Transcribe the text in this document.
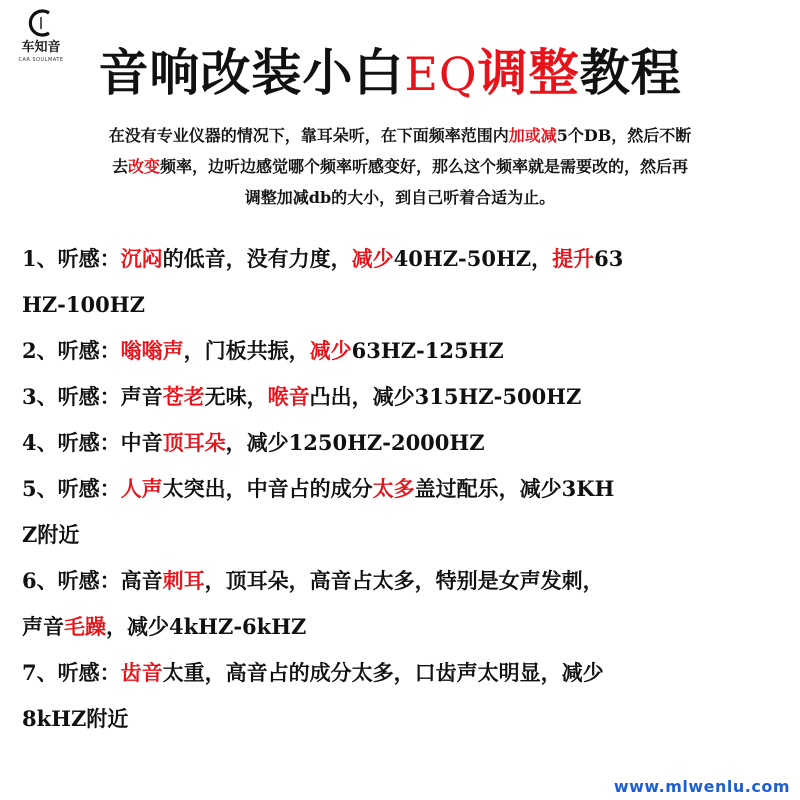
车知音
CAR SOULMATE 音响改装小白EQ调整教程
在没有专业仪器的情况下，靠耳朵听，在下面频率范围内加或减5个DB，然后不断
去改变频率，边听边感觉哪个频率听感变好，那么这个频率就是需要改的，然后再
调整加减db的大小，到自己听着合适为止。
1、听感：沉闷的低音，没有力度，减少40HZ-50HZ，提升63
HZ-100HZ
2、听感：嗡嗡声，门板共振，减少63HZ-125HZ
3、听感：声音苍老无味，喉音凸出，减少315HZ-500HZ
4、听感：中音顶耳朵，减少1250HZ-2000HZ
5、听感：人声太突出，中音占的成分太多盖过配乐，减少3KH
Z附近
6、听感：高音刺耳，顶耳朵，高音占太多，特别是女声发刺，
声音毛躁，减少4kHZ-6kHZ
7、听感：齿音太重，高音占的成分太多，口齿声太明显，减少
8kHZ附近
www.mlwenlu.com
